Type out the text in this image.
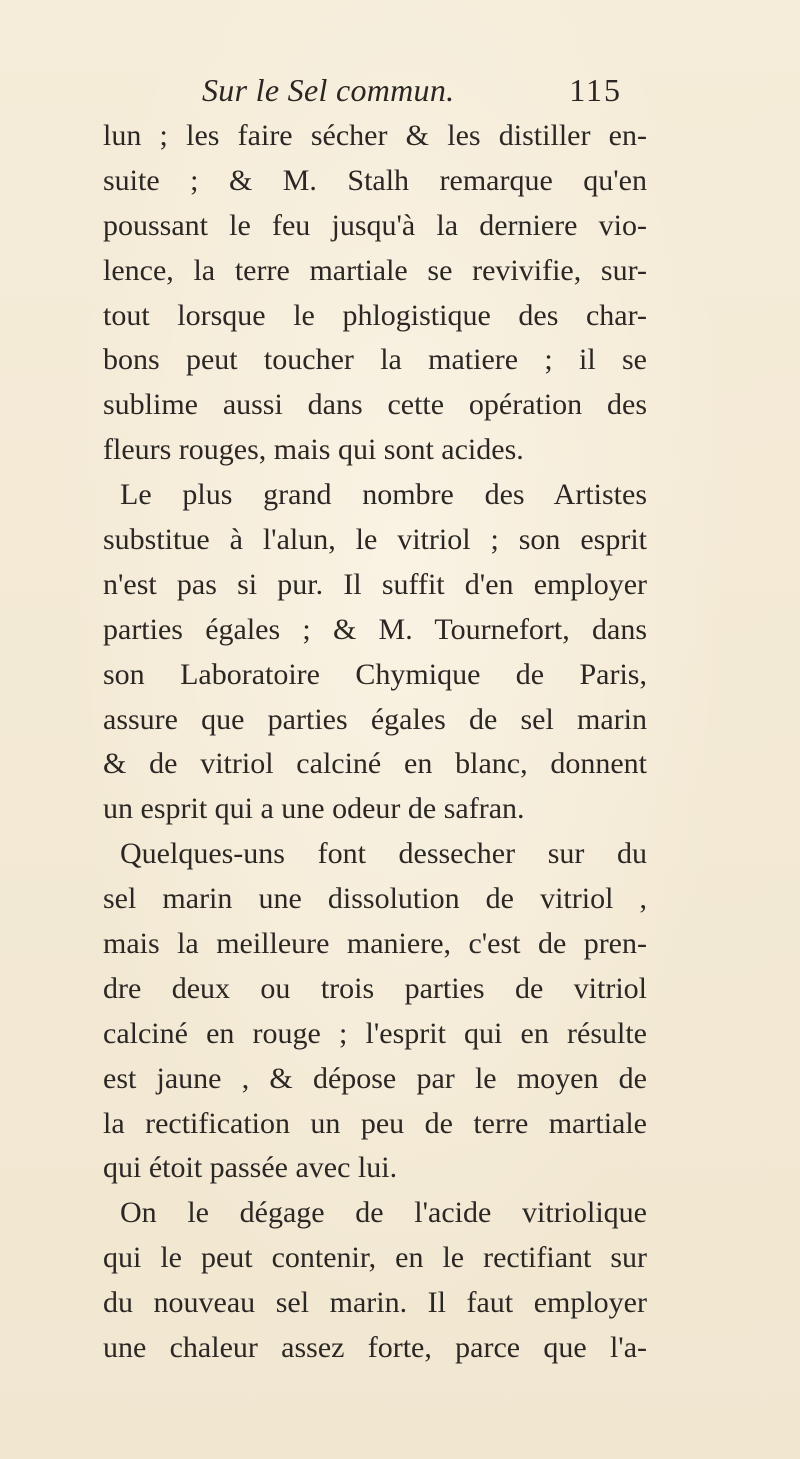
Sur le Sel commun.	115
lun ; les faire sécher & les distiller en-
suite ; & M. Stalh remarque qu'en
poussant le feu jusqu'à la derniere vio-
lence, la terre martiale se revivifie, sur-
tout lorsque le phlogistique des char-
bons peut toucher la matiere ; il se
sublime aussi dans cette opération des
fleurs rouges, mais qui sont acides.
Le plus grand nombre des Artistes
substitue à l'alun, le vitriol ; son esprit
n'est pas si pur. Il suffit d'en employer
parties égales ; & M. Tournefort, dans
son Laboratoire Chymique de Paris,
assure que parties égales de sel marin
& de vitriol calciné en blanc, donnent
un esprit qui a une odeur de safran.
Quelques-uns font dessecher sur du
sel marin une dissolution de vitriol ,
mais la meilleure maniere, c'est de pren-
dre deux ou trois parties de vitriol
calciné en rouge ; l'esprit qui en résulte
est jaune , & dépose par le moyen de
la rectification un peu de terre martiale
qui étoit passée avec lui.
On le dégage de l'acide vitriolique
qui le peut contenir, en le rectifiant sur
du nouveau sel marin. Il faut employer
une chaleur assez forte, parce que l'a-
